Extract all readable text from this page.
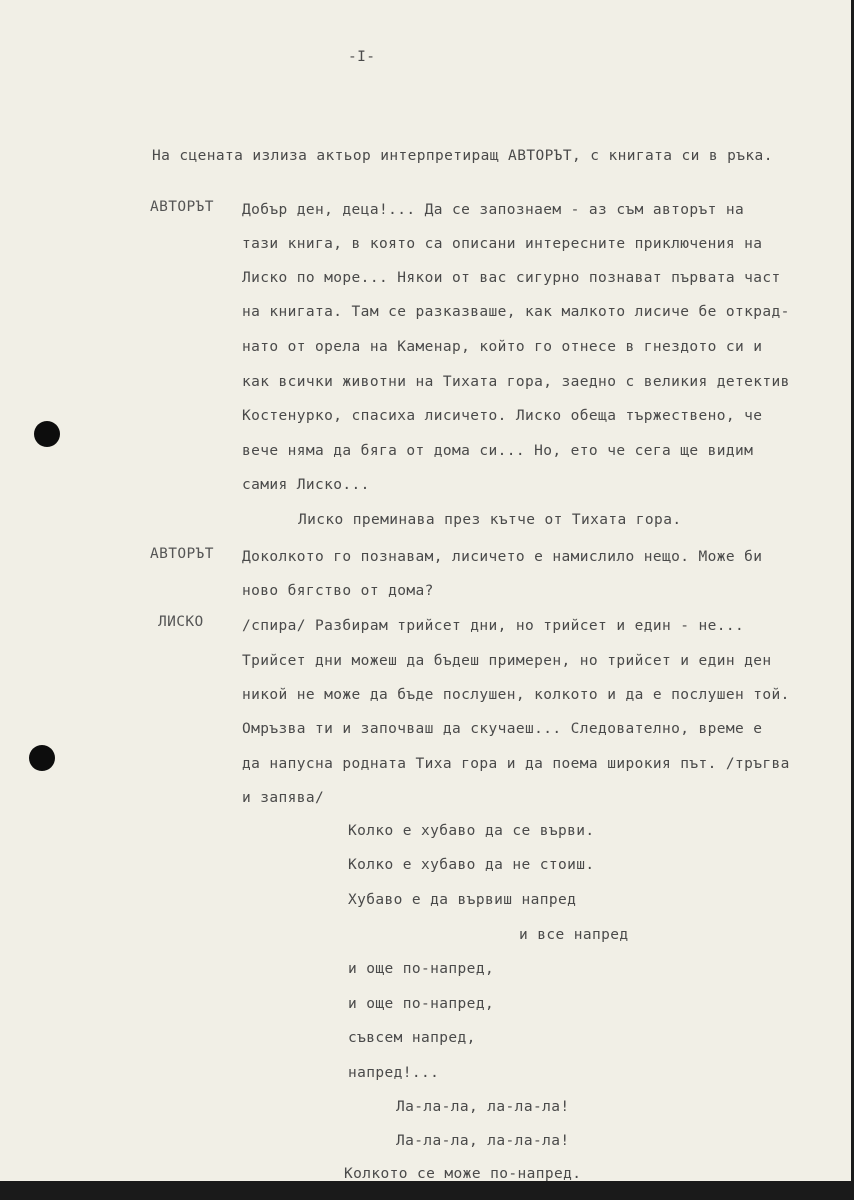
-I-
На сцената излиза актьор интерпретиращ АВТОРЪТ, с книгата си в ръка.
АВТОРЪТ Добър ден, деца!... Да се запознаем - аз съм авторът на
тази книга, в която са описани интересните приключения на
Лиско по море... Някои от вас сигурно познават първата част
на книгата. Там се разказваше, как малкото лисиче бе открад-
нато от орела на Каменар, който го отнесе в гнездото си и
как всички животни на Тихата гора, заедно с великия детектив
Костенурко, спасиха лисичето. Лиско обеща тържествено, че
вече няма да бяга от дома си... Но, ето че сега ще видим
самия Лиско...
Лиско преминава през кътче от Тихата гора.
АВТОРЪТ Доколкото го познавам, лисичето е намислило нещо. Може би
ново бягство от дома?
ЛИСКО	/спира/ Разбирам трийсет дни, но трийсет и един - не...
Трийсет дни можеш да бъдеш примерен, но трийсет и един ден
никой не може да бъде послушен, колкото и да е послушен той.
Омръзва ти и започваш да скучаеш... Следователно, време е
да напусна родната Тиха гора и да поема широкия път. /тръгва
и запява/
Колко е хубаво да се върви.
Колко е хубаво да не стоиш.
Хубаво е да вървиш напред
и все напред
и още по-напред,
и още по-напред,
съвсем напред,
напред!...
Ла-ла-ла, ла-ла-ла!
Ла-ла-ла, ла-ла-ла!
Колкото се може по-напред.
